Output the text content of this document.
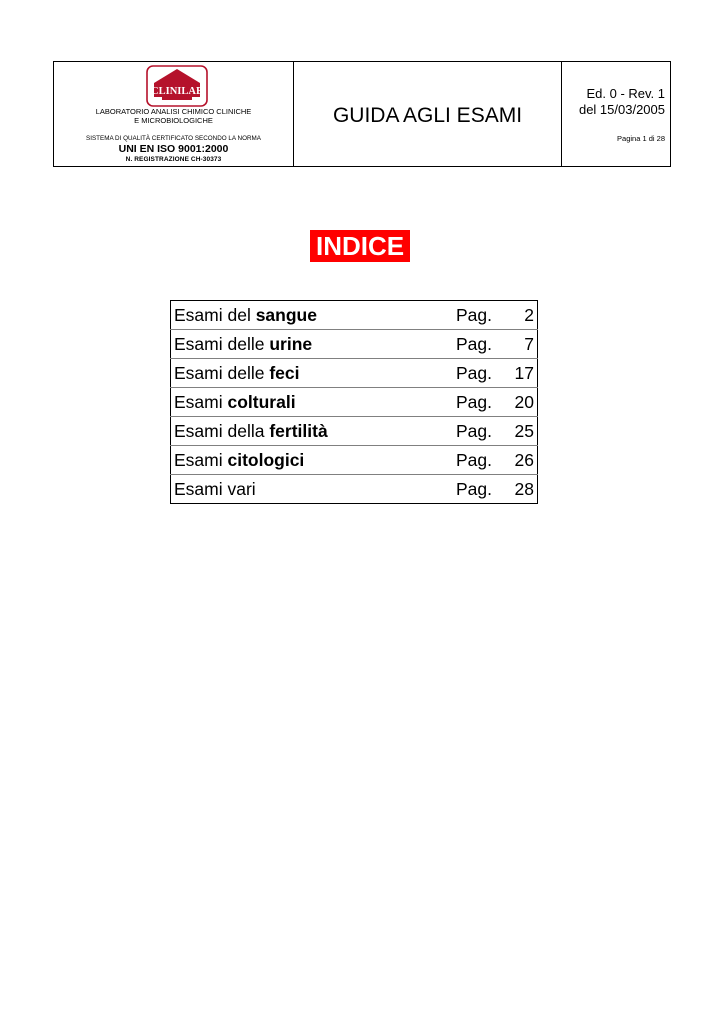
CLINILAB
LABORATORIO ANALISI CHIMICO CLINICHE
E MICROBIOLOGICHE
SISTEMA DI QUALITÀ CERTIFICATO SECONDO LA NORMA
UNI EN ISO 9001:2000
N. REGISTRAZIONE CH-30373
GUIDA AGLI ESAMI
Ed. 0 - Rev. 1
del 15/03/2005
Pagina 1 di 28
INDICE
Esami del sangue	Pag.	2
Esami delle urine	Pag.	7
Esami delle feci	Pag.	17
Esami colturali	Pag.	20
Esami della fertilità	Pag.	25
Esami citologici	Pag.	26
Esami vari	Pag.	28
